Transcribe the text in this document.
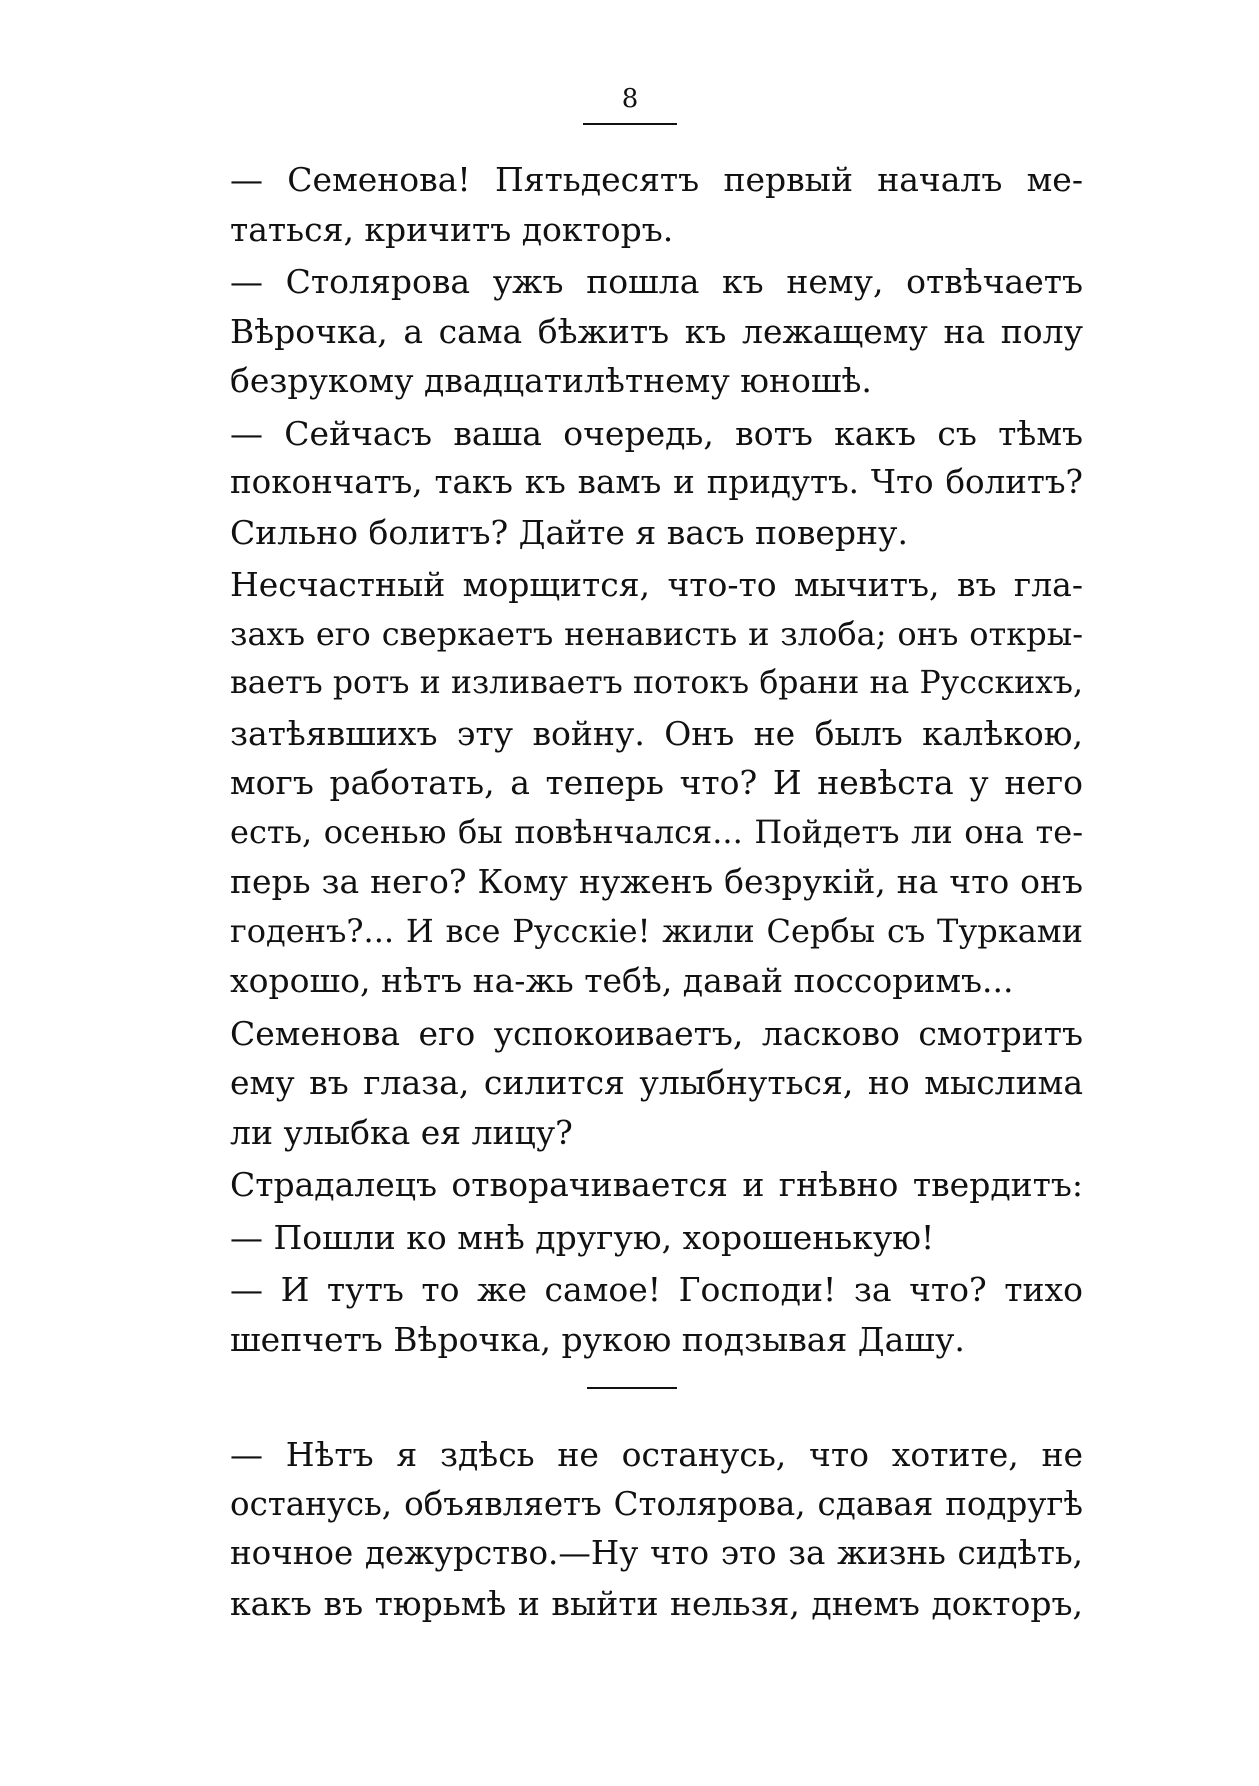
8

— Семенова! Пятьдесятъ первый началъ ме-
таться, кричитъ докторъ.

— Столярова ужъ пошла къ нему, отвѣчаетъ
Вѣрочка, а сама бѣжитъ къ лежащему на полу
безрукому двадцатилѣтнему юношѣ.

— Сейчасъ ваша очередь, вотъ какъ съ тѣмъ
покончатъ, такъ къ вамъ и придутъ. Что болитъ?
Сильно болитъ? Дайте я васъ поверну.

Несчастный морщится, что-то мычитъ, въ гла-
захъ его сверкаетъ ненависть и злоба; онъ откры-
ваетъ ротъ и изливаетъ потокъ брани на Русскихъ,
затѣявшихъ эту войну. Онъ не былъ калѣкою,
могъ работать, а теперь что? И невѣста у него
есть, осенью бы повѣнчался... Пойдетъ ли она те-
перь за него? Кому нуженъ безрукій, на что онъ
годенъ?... И все Русскіе! жили Сербы съ Турками
хорошо, нѣтъ на-жь тебѣ, давай поссоримъ...

Семенова его успокоиваетъ, ласково смотритъ
ему въ глаза, силится улыбнуться, но мыслима
ли улыбка ея лицу?

Страдалецъ отворачивается и гнѣвно твердитъ:

— Пошли ко мнѣ другую, хорошенькую!

— И тутъ то же самое! Господи! за что? тихо
шепчетъ Вѣрочка, рукою подзывая Дашу.

— Нѣтъ я здѣсь не останусь, что хотите, не
останусь, объявляетъ Столярова, сдавая подругѣ
ночное дежурство.—Ну что это за жизнь сидѣть,
какъ въ тюрьмѣ и выйти нельзя, днемъ докторъ,
